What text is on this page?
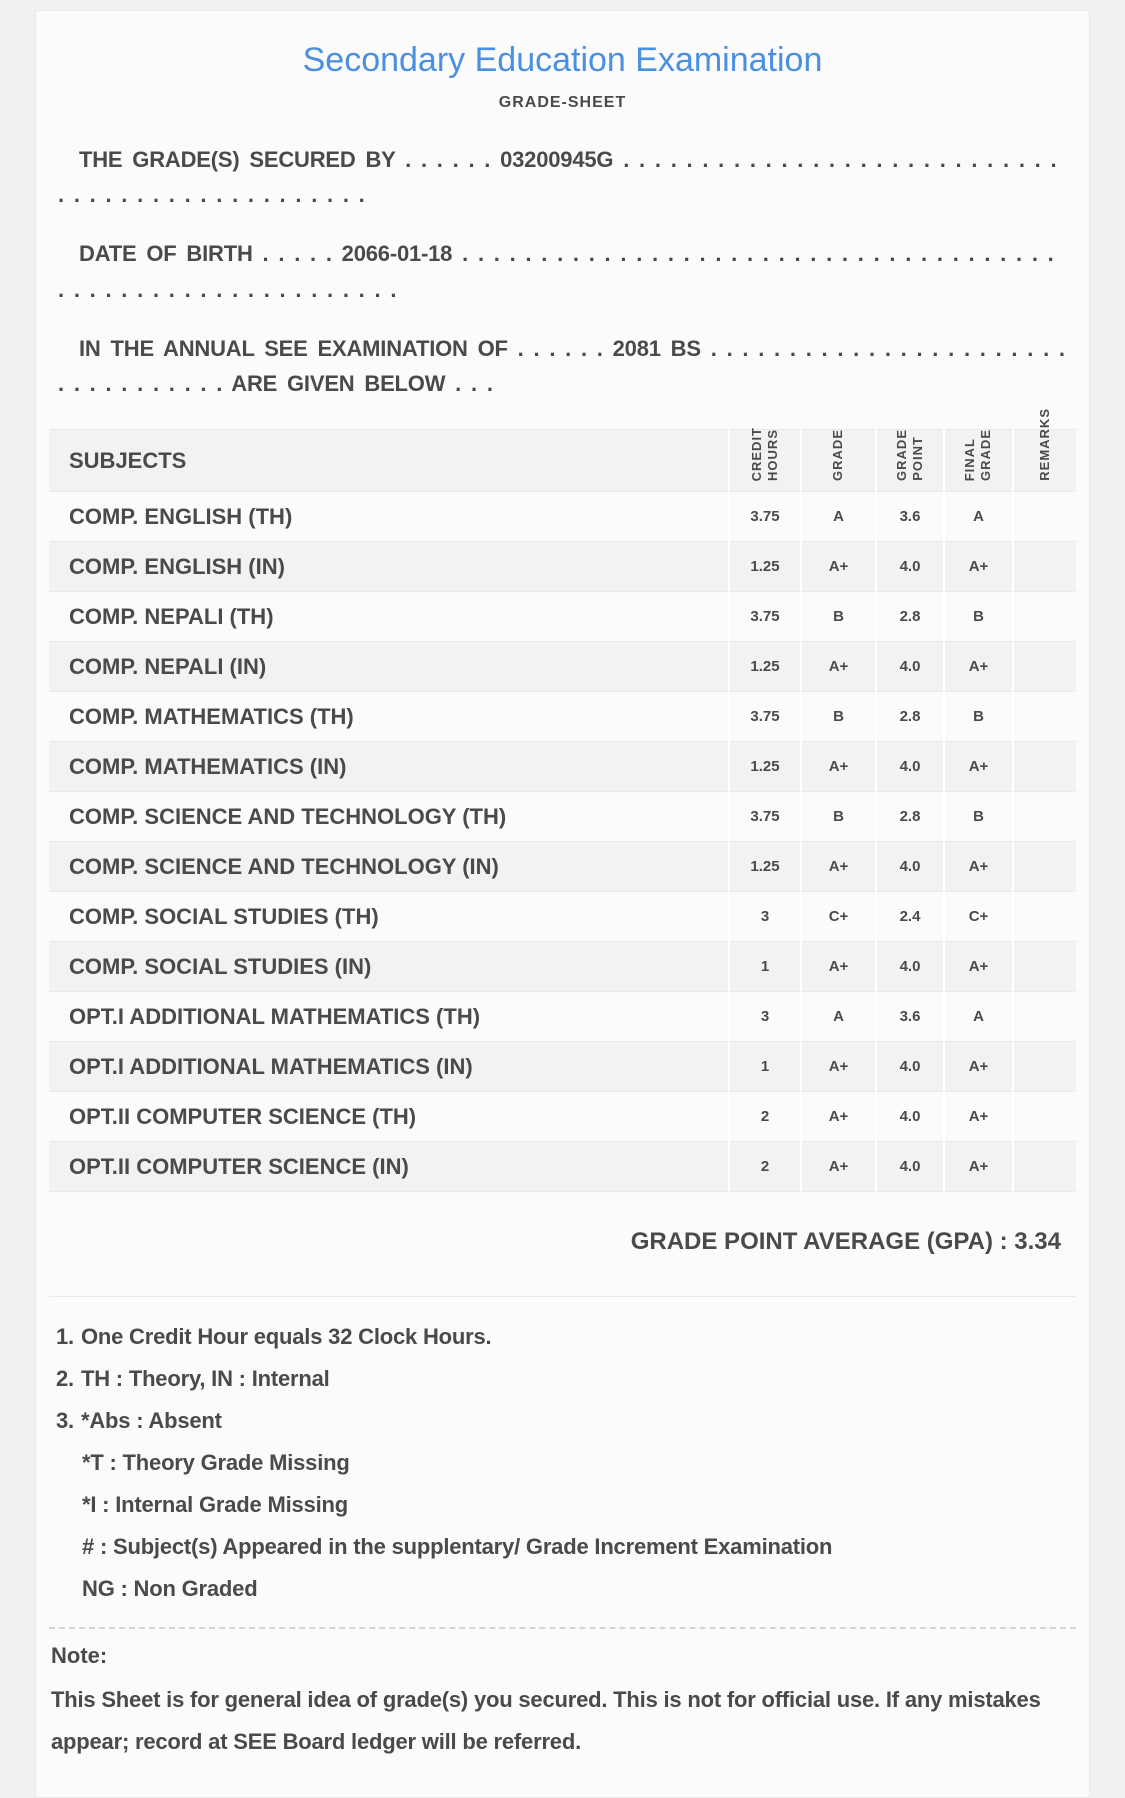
Secondary Education Examination
GRADE-SHEET

THE GRADE(S) SECURED BY . . . . . . 03200945G . . . . . . . . . . . . . . . . . . . . . . . . . . . . . . . . . . . . . . . . . . . . . . . .

DATE OF BIRTH . . . . . 2066-01-18 . . . . . . . . . . . . . . . . . . . . . . . . . . . . . . . . . . . . . . . . . . . . . . . . . . . . . . . . . . . .

IN THE ANNUAL SEE EXAMINATION OF . . . . . . 2081 BS . . . . . . . . . . . . . . . . . . . . . . . . . . . . . . . . . . ARE GIVEN BELOW . . .

SUBJECTS	CREDIT HOURS	GRADE	GRADE POINT	FINAL GRADE	REMARKS

COMP. ENGLISH (TH)	3.75	A	3.6	A	
COMP. ENGLISH (IN)	1.25	A+	4.0	A+	
COMP. NEPALI (TH)	3.75	B	2.8	B	
COMP. NEPALI (IN)	1.25	A+	4.0	A+	
COMP. MATHEMATICS (TH)	3.75	B	2.8	B	
COMP. MATHEMATICS (IN)	1.25	A+	4.0	A+	
COMP. SCIENCE AND TECHNOLOGY (TH)	3.75	B	2.8	B	
COMP. SCIENCE AND TECHNOLOGY (IN)	1.25	A+	4.0	A+	
COMP. SOCIAL STUDIES (TH)	3	C+	2.4	C+	
COMP. SOCIAL STUDIES (IN)	1	A+	4.0	A+	
OPT.I ADDITIONAL MATHEMATICS (TH)	3	A	3.6	A	
OPT.I ADDITIONAL MATHEMATICS (IN)	1	A+	4.0	A+	
OPT.II COMPUTER SCIENCE (TH)	2	A+	4.0	A+	
OPT.II COMPUTER SCIENCE (IN)	2	A+	4.0	A+	
GRADE POINT AVERAGE (GPA) : 3.34
1. One Credit Hour equals 32 Clock Hours.
2. TH : Theory, IN : Internal
3. *Abs : Absent
*T : Theory Grade Missing
*I : Internal Grade Missing
# : Subject(s) Appeared in the supplentary/ Grade Increment Examination
NG : Non Graded
Note:
This Sheet is for general idea of grade(s) you secured. This is not for official use. If any mistakes appear; record at SEE Board ledger will be referred.
